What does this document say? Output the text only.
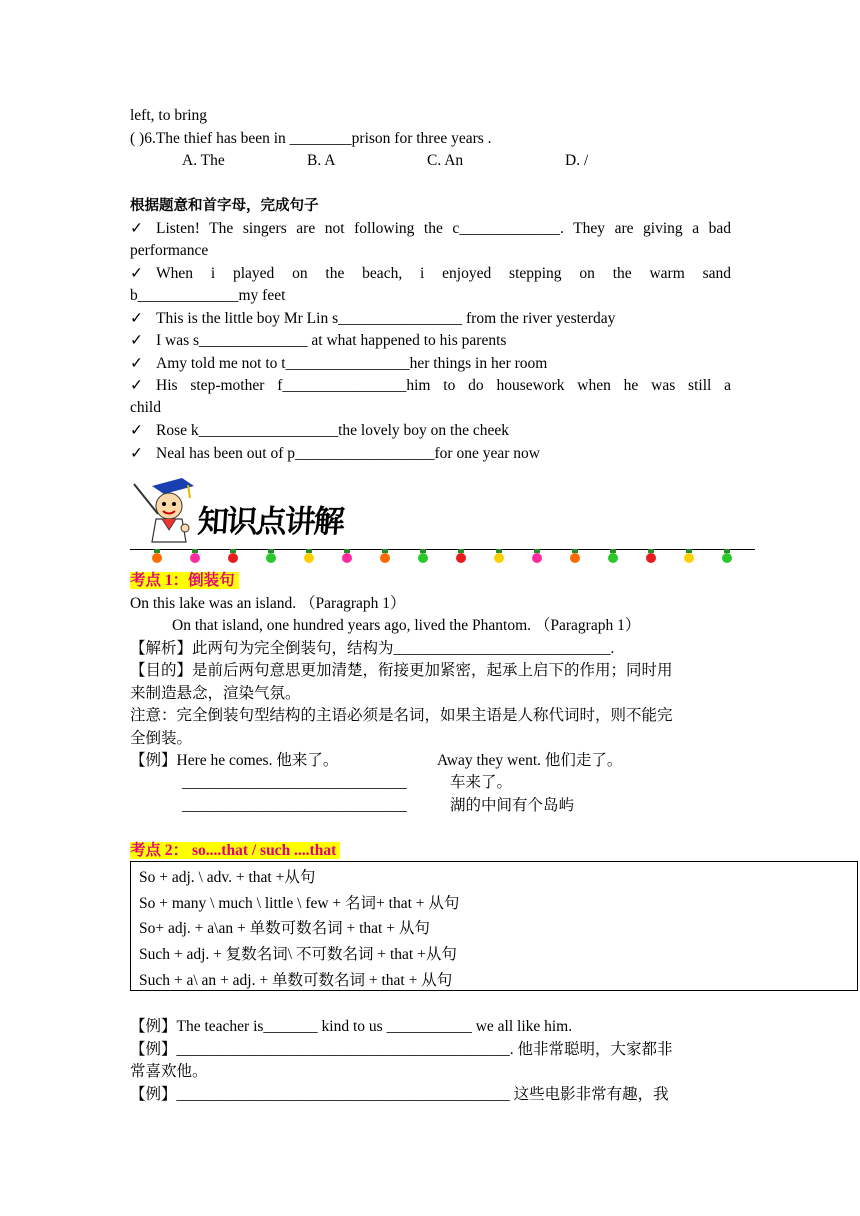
left, to bring
( )6.The thief has been in ________prison for three years .
A. The	B. A	C. An	D. /
根据题意和首字母，完成句子
✓ Listen! The singers are not following the c_____________. They are giving a bad
performance
✓ When i played on the beach, i enjoyed stepping on the warm sand
b_____________my feet
✓ This is the little boy Mr Lin s________________ from the river yesterday
✓ I was s______________ at what happened to his parents
✓ Amy told me not to t________________her things in her room
✓ His step-mother f________________him to do housework when he was still a
child
✓ Rose k__________________the lovely boy on the cheek
✓ Neal has been out of p__________________for one year now
知识点讲解
考点 1：倒装句
On this lake was an island. （Paragraph 1）
On that island, one hundred years ago, lived the Phantom. （Paragraph 1）
【解析】此两句为完全倒装句，结构为____________________________.
【目的】是前后两句意思更加清楚，衔接更加紧密，起承上启下的作用；同时用
来制造悬念，渲染气氛。
注意：完全倒装句型结构的主语必须是名词，如果主语是人称代词时，则不能完
全倒装。
【例】Here he comes. 他来了。	Away they went. 他们走了。
_____________________________	车来了。
_____________________________	湖的中间有个岛屿
考点 2： so....that / such ....that
So + adj. \ adv. + that +从句
So + many \ much \ little \ few + 名词+ that + 从句
So+ adj. + a\an + 单数可数名词 + that + 从句
Such + adj. + 复数名词\ 不可数名词 + that +从句
Such + a\ an + adj. + 单数可数名词 + that + 从句
【例】The teacher is_______ kind to us ___________ we all like him.
【例】___________________________________________. 他非常聪明，大家都非
常喜欢他。
【例】___________________________________________ 这些电影非常有趣，我
